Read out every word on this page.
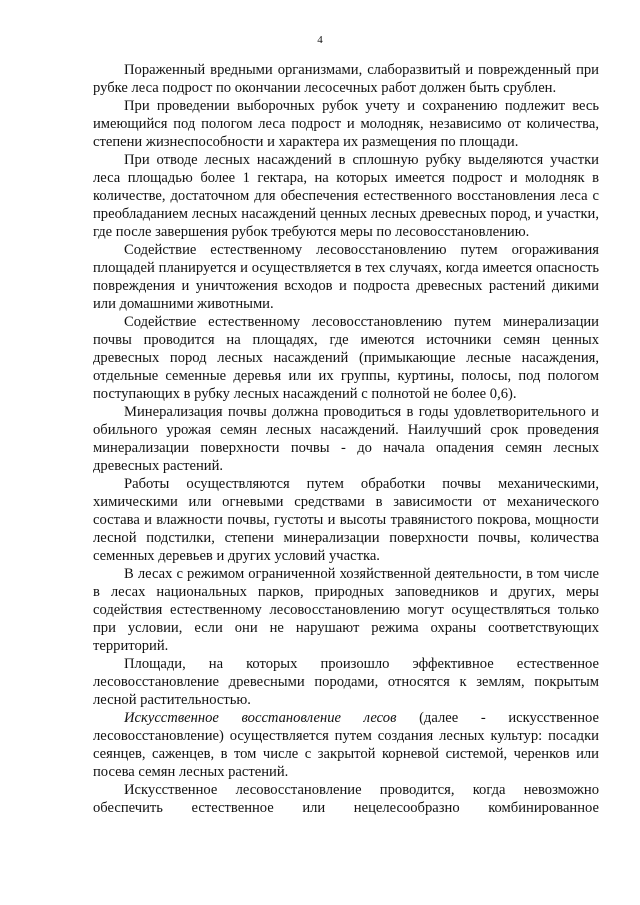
4

Пораженный вредными организмами, слаборазвитый и поврежденный при рубке леса подрост по окончании лесосечных работ должен быть срублен.

При проведении выборочных рубок учету и сохранению подлежит весь имеющийся под пологом леса подрост и молодняк, независимо от количества, степени жизнеспособности и характера их размещения по площади.

При отводе лесных насаждений в сплошную рубку выделяются участки леса площадью более 1 гектара, на которых имеется подрост и молодняк в количестве, достаточном для обеспечения естественного восстановления леса с преобладанием лесных насаждений ценных лесных древесных пород, и участки, где после завершения рубок требуются меры по лесовосстановлению.

Содействие естественному лесовосстановлению путем огораживания площадей планируется и осуществляется в тех случаях, когда имеется опасность повреждения и уничтожения всходов и подроста древесных растений дикими или домашними животными.

Содействие естественному лесовосстановлению путем минерализации почвы проводится на площадях, где имеются источники семян ценных древесных пород лесных насаждений (примыкающие лесные насаждения, отдельные семенные деревья или их группы, куртины, полосы, под пологом поступающих в рубку лесных насаждений с полнотой не более 0,6).

Минерализация почвы должна проводиться в годы удовлетворительного и обильного урожая семян лесных насаждений. Наилучший срок проведения минерализации поверхности почвы - до начала опадения семян лесных древесных растений.

Работы осуществляются путем обработки почвы механическими, химическими или огневыми средствами в зависимости от механического состава и влажности почвы, густоты и высоты травянистого покрова, мощности лесной подстилки, степени минерализации поверхности почвы, количества семенных деревьев и других условий участка.

В лесах с режимом ограниченной хозяйственной деятельности, в том числе в лесах национальных парков, природных заповедников и других, меры содействия естественному лесовосстановлению могут осуществляться только при условии, если они не нарушают режима охраны соответствующих территорий.

Площади, на которых произошло эффективное естественное лесовосстановление древесными породами, относятся к землям, покрытым лесной растительностью.

Искусственное восстановление лесов (далее - искусственное лесовосстановление) осуществляется путем создания лесных культур: посадки сеянцев, саженцев, в том числе с закрытой корневой системой, черенков или посева семян лесных растений.

Искусственное лесовосстановление проводится, когда невозможно обеспечить естественное или нецелесообразно комбинированное
